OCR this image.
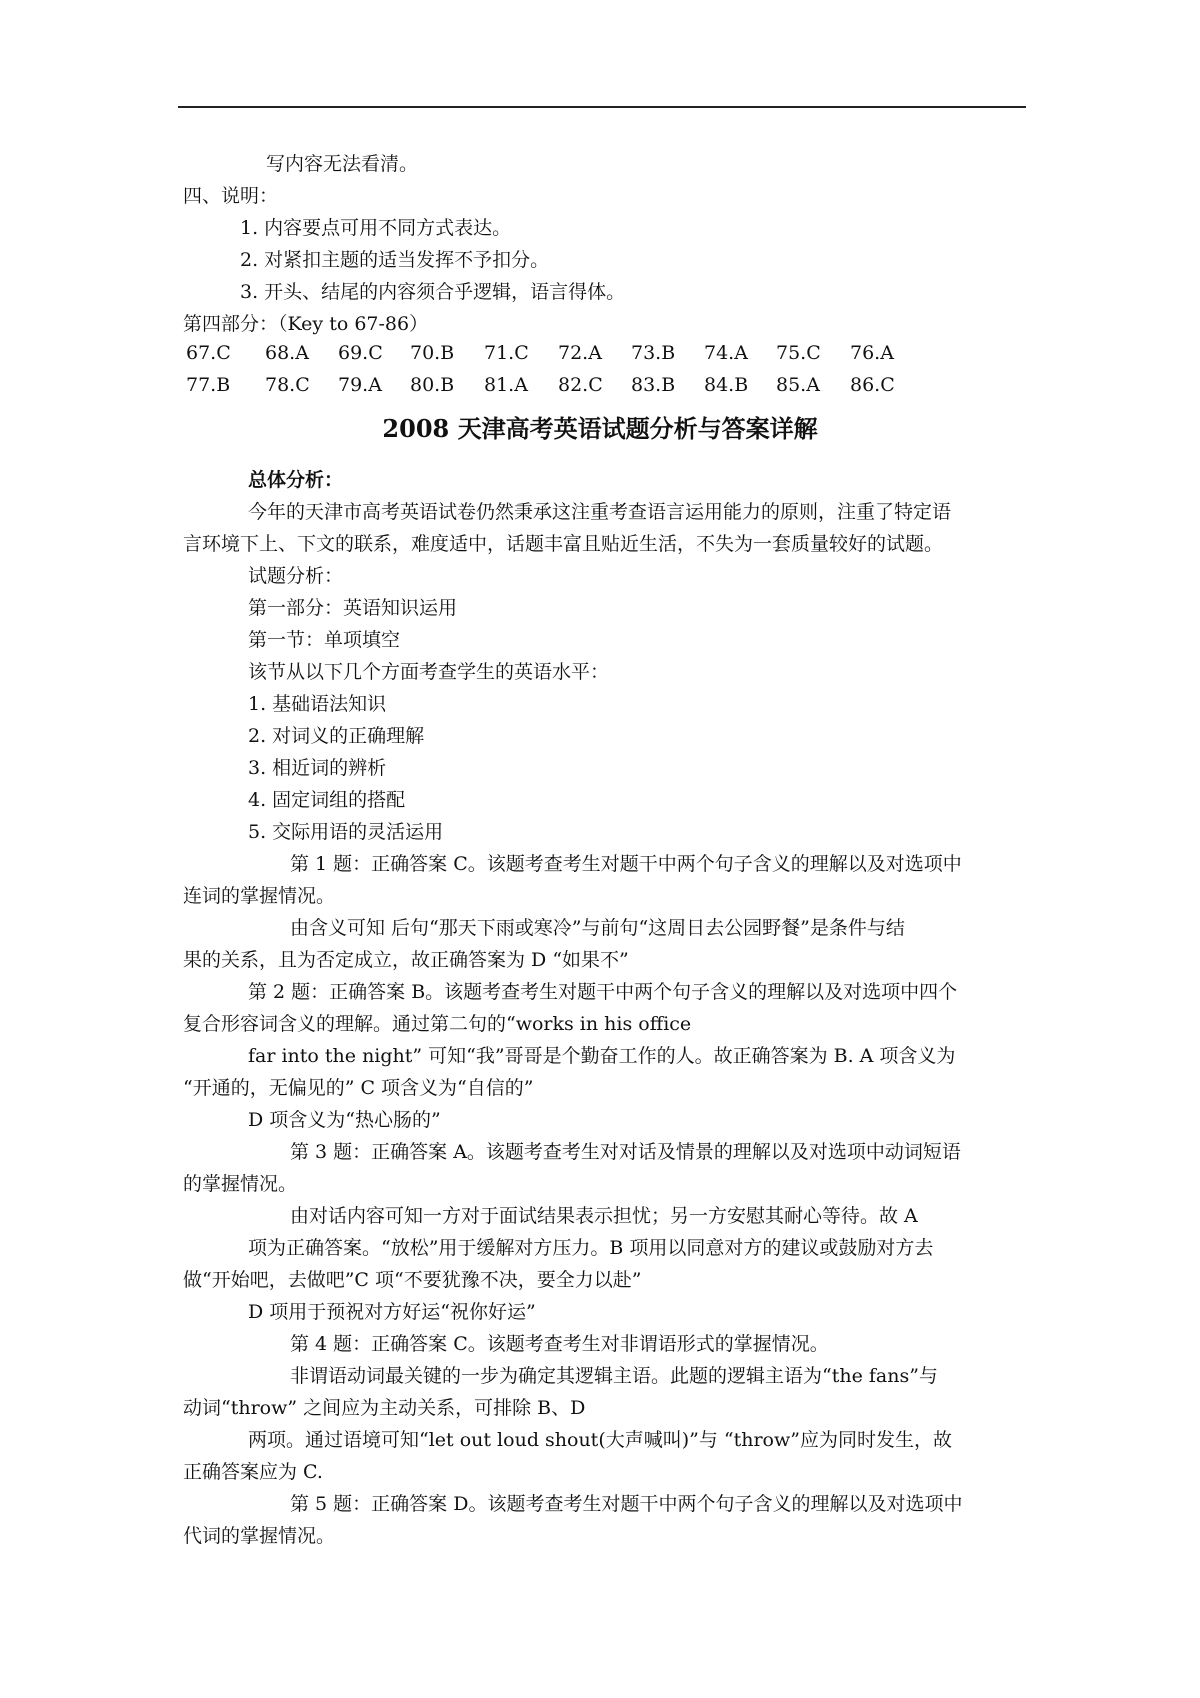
写内容无法看清。
四、说明：
1. 内容要点可用不同方式表达。
2. 对紧扣主题的适当发挥不予扣分。
3. 开头、结尾的内容须合乎逻辑，语言得体。
第四部分：（Key to 67-86）
67.C 68.A 69.C 70.B 71.C 72.A 73.B 74.A 75.C 76.A
77.B 78.C 79.A 80.B 81.A 82.C 83.B 84.B 85.A 86.C
2008 天津高考英语试题分析与答案详解
总体分析：
今年的天津市高考英语试卷仍然秉承这注重考查语言运用能力的原则，注重了特定语
言环境下上、下文的联系，难度适中，话题丰富且贴近生活，不失为一套质量较好的试题。
试题分析：
第一部分：英语知识运用
第一节：单项填空
该节从以下几个方面考查学生的英语水平：
1. 基础语法知识
2. 对词义的正确理解
3. 相近词的辨析
4. 固定词组的搭配
5. 交际用语的灵活运用
第 1 题：正确答案 C。该题考查考生对题干中两个句子含义的理解以及对选项中
连词的掌握情况。
由含义可知 后句“那天下雨或寒冷”与前句“这周日去公园野餐”是条件与结
果的关系，且为否定成立，故正确答案为 D “如果不”
第 2 题：正确答案 B。该题考查考生对题干中两个句子含义的理解以及对选项中四个
复合形容词含义的理解。通过第二句的“works in his office
far into the night” 可知“我”哥哥是个勤奋工作的人。故正确答案为 B. A 项含义为
“开通的，无偏见的” C 项含义为“自信的”
D 项含义为“热心肠的”
第 3 题：正确答案 A。该题考查考生对对话及情景的理解以及对选项中动词短语
的掌握情况。
由对话内容可知一方对于面试结果表示担忧；另一方安慰其耐心等待。故 A
项为正确答案。“放松”用于缓解对方压力。B 项用以同意对方的建议或鼓励对方去
做“开始吧，去做吧”C 项“不要犹豫不决，要全力以赴”
D 项用于预祝对方好运“祝你好运”
第 4 题：正确答案 C。该题考查考生对非谓语形式的掌握情况。
非谓语动词最关键的一步为确定其逻辑主语。此题的逻辑主语为“the fans”与
动词“throw” 之间应为主动关系，可排除 B、D
两项。通过语境可知“let out loud shout(大声喊叫)”与 “throw”应为同时发生，故
正确答案应为 C.
第 5 题：正确答案 D。该题考查考生对题干中两个句子含义的理解以及对选项中
代词的掌握情况。
